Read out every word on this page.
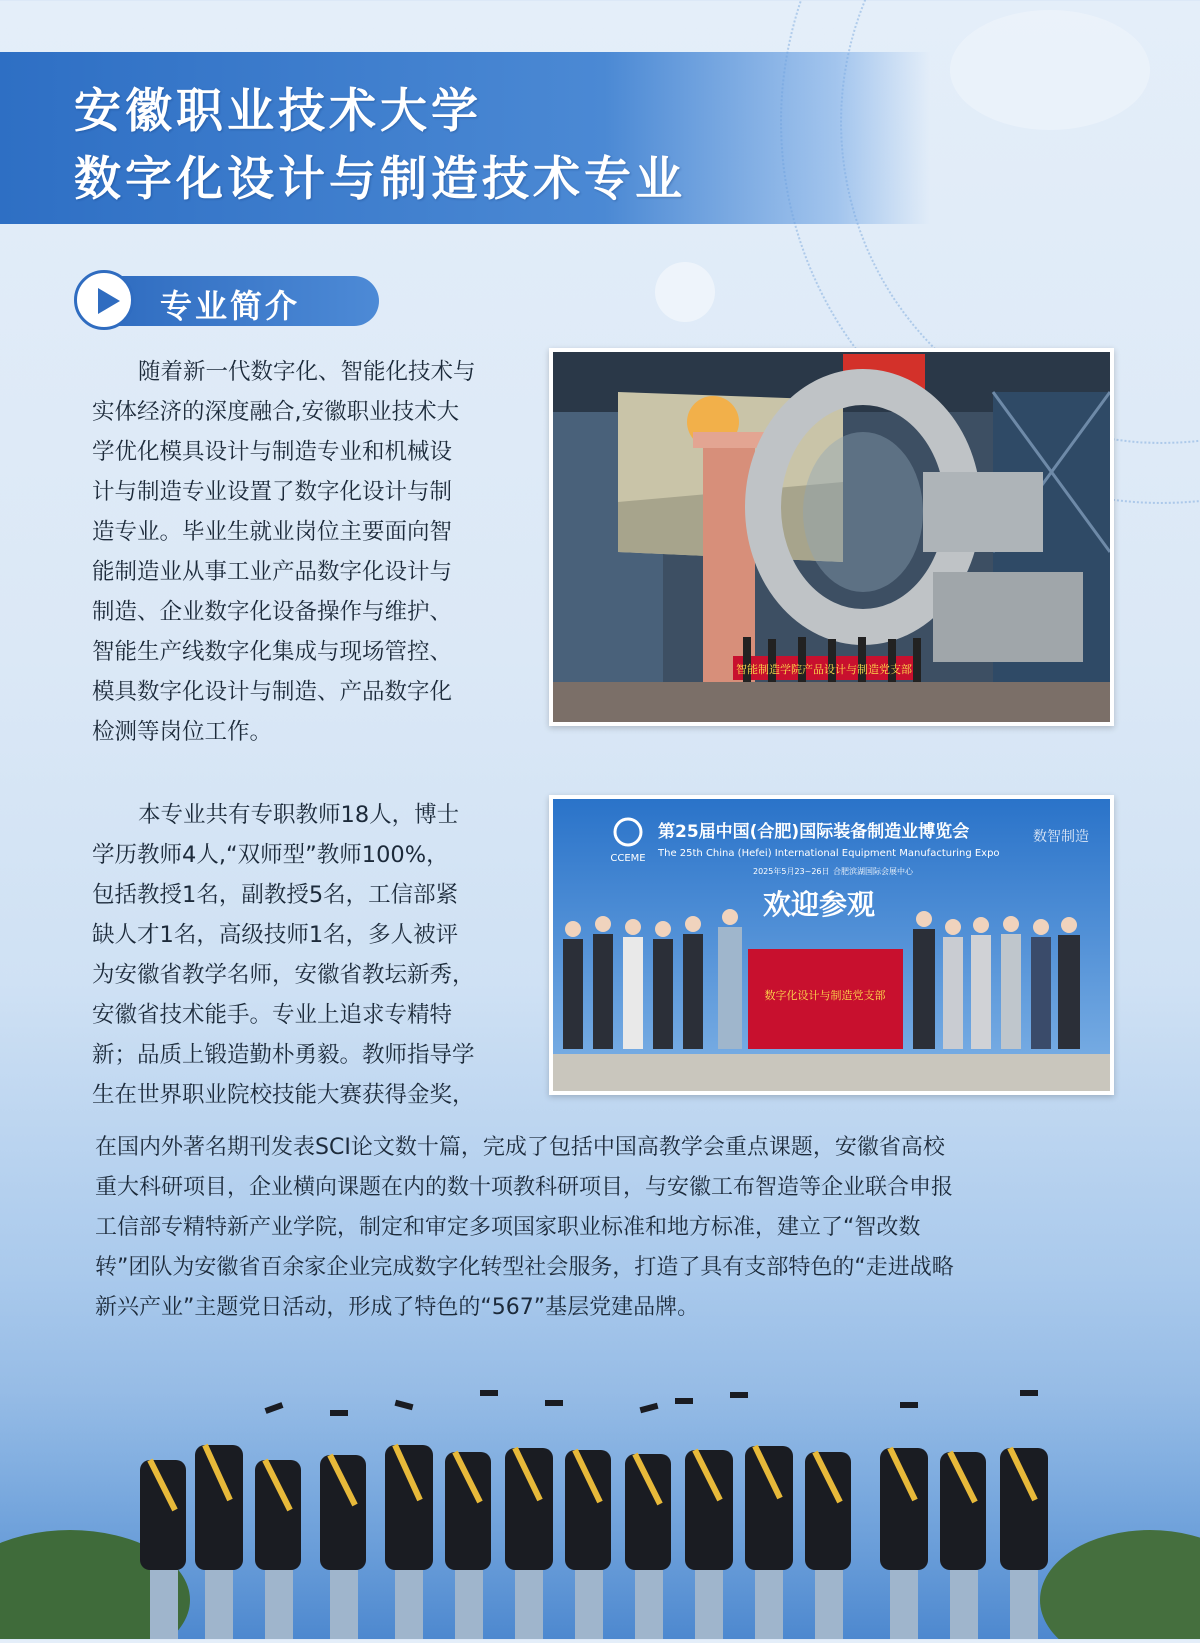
安徽职业技术大学
数字化设计与制造技术专业
专业简介
随着新一代数字化、智能化技术与
实体经济的深度融合,安徽职业技术大
学优化模具设计与制造专业和机械设
计与制造专业设置了数字化设计与制
造专业。毕业生就业岗位主要面向智
能制造业从事工业产品数字化设计与
制造、企业数字化设备操作与维护、
智能生产线数字化集成与现场管控、
模具数字化设计与制造、产品数字化
检测等岗位工作。
本专业共有专职教师18人，博士
学历教师4人,“双师型”教师100%，
包括教授1名，副教授5名，工信部紧
缺人才1名，高级技师1名，多人被评
为安徽省教学名师，安徽省教坛新秀，
安徽省技术能手。专业上追求专精特
新；品质上锻造勤朴勇毅。教师指导学
生在世界职业院校技能大赛获得金奖，
在国内外著名期刊发表SCI论文数十篇，完成了包括中国高教学会重点课题，安徽省高校
重大科研项目，企业横向课题在内的数十项教科研项目，与安徽工布智造等企业联合申报
工信部专精特新产业学院，制定和审定多项国家职业标准和地方标准，建立了“智改数
转”团队为安徽省百余家企业完成数字化转型社会服务，打造了具有支部特色的“走进战略
新兴产业”主题党日活动，形成了特色的“567”基层党建品牌。
智能制造学院产品设计与制造党支部
CCEME
第25届中国(合肥)国际装备制造业博览会
The 25th China (Hefei) International Equipment Manufacturing Expo
2025年5月23~26日 合肥滨湖国际会展中心
数智制造
欢迎参观
数字化设计与制造党支部
